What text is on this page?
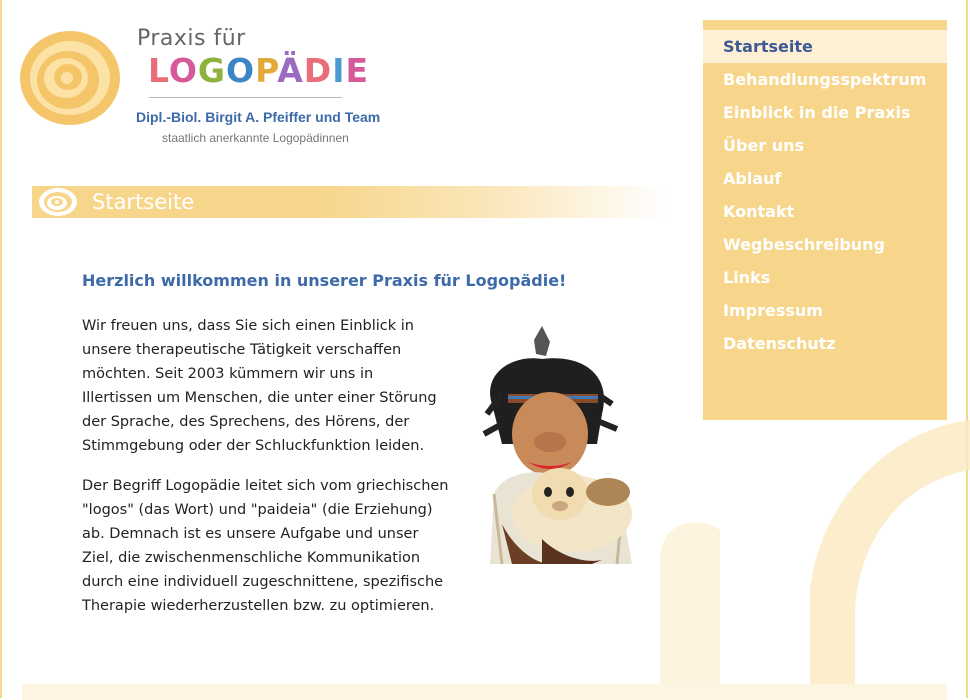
Praxis für
LOGOPÄDIE
Dipl.-Biol. Birgit A. Pfeiffer und Team
staatlich anerkannte Logopädinnen
Startseite
Herzlich willkommen in unserer Praxis für Logopädie!

Wir freuen uns, dass Sie sich einen Einblick in unsere therapeutische Tätigkeit verschaffen möchten. Seit 2003 kümmern wir uns in Illertissen um Menschen, die unter einer Störung der Sprache, des Sprechens, des Hörens, der Stimmgebung oder der Schluckfunktion leiden.

Der Begriff Logopädie leitet sich vom griechischen "logos" (das Wort) und "paideia" (die Erziehung) ab. Demnach ist es unsere Aufgabe und unser Ziel, die zwischenmenschliche Kommunikation durch eine individuell zugeschnittene, spezifische Therapie wiederherzustellen bzw. zu optimieren.

Startseite
Behandlungsspektrum
Einblick in die Praxis
Über uns
Ablauf
Kontakt
Wegbeschreibung
Links
Impressum
Datenschutz
